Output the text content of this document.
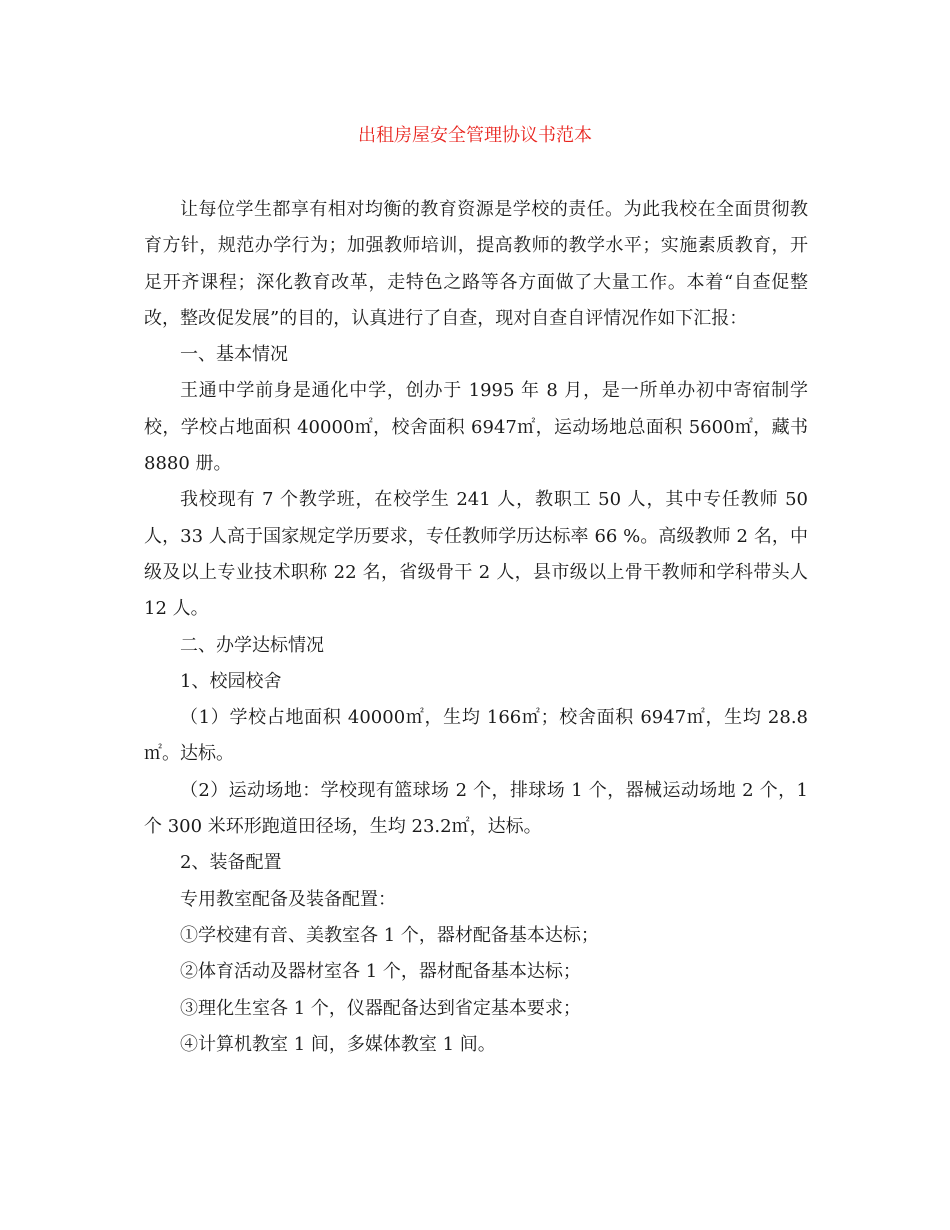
出租房屋安全管理协议书范本

让每位学生都享有相对均衡的教育资源是学校的责任。为此我校在全面贯彻教育方针，规范办学行为；加强教师培训，提高教师的教学水平；实施素质教育，开足开齐课程；深化教育改革，走特色之路等各方面做了大量工作。本着“自查促整改，整改促发展”的目的，认真进行了自查，现对自查自评情况作如下汇报：

一、基本情况

王通中学前身是通化中学，创办于 1995 年 8 月，是一所单办初中寄宿制学校，学校占地面积 40000㎡，校舍面积 6947㎡，运动场地总面积 5600㎡，藏书 8880 册。

我校现有 7 个教学班，在校学生 241 人，教职工 50 人，其中专任教师 50 人，33 人高于国家规定学历要求，专任教师学历达标率 66 %。高级教师 2 名，中级及以上专业技术职称 22 名，省级骨干 2 人，县市级以上骨干教师和学科带头人 12 人。

二、办学达标情况

1、校园校舍

（1）学校占地面积 40000㎡，生均 166㎡；校舍面积 6947㎡，生均 28.8㎡。达标。

（2）运动场地：学校现有篮球场 2 个，排球场 1 个，器械运动场地 2 个，1 个 300 米环形跑道田径场，生均 23.2㎡，达标。

2、装备配置

专用教室配备及装备配置：

①学校建有音、美教室各 1 个，器材配备基本达标；

②体育活动及器材室各 1 个，器材配备基本达标；

③理化生室各 1 个，仪器配备达到省定基本要求；

④计算机教室 1 间，多媒体教室 1 间。
